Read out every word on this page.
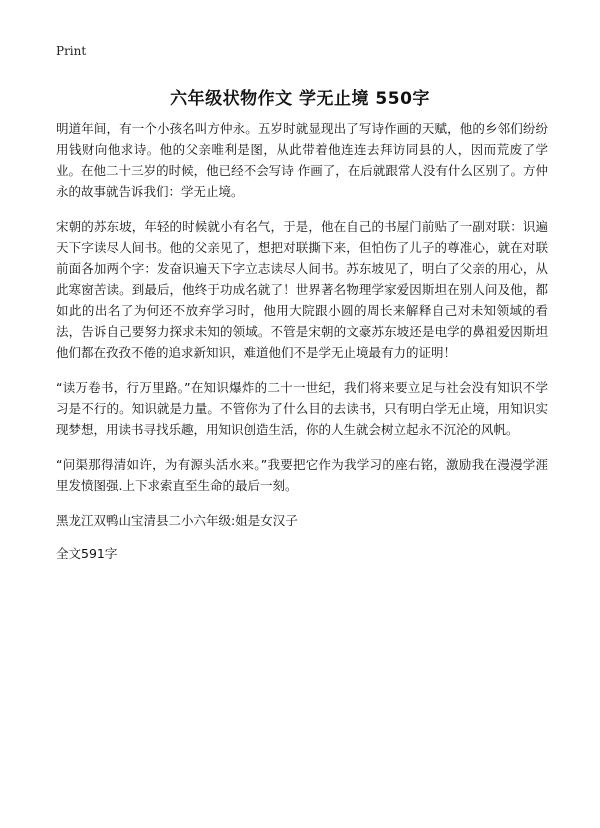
Print
六年级状物作文 学无止境 550字

明道年间，有一个小孩名叫方仲永。五岁时就显现出了写诗作画的天赋，他的乡邻们纷纷用钱财向他求诗。他的父亲唯利是图，从此带着他连连去拜访同县的人，因而荒废了学业。在他二十三岁的时候，他已经不会写诗 作画了，在后就跟常人没有什么区别了。方仲永的故事就告诉我们：学无止境。

宋朝的苏东坡，年轻的时候就小有名气，于是，他在自己的书屋门前贴了一副对联：识遍天下字读尽人间书。他的父亲见了，想把对联撕下来，但怕伤了儿子的尊准心，就在对联前面各加两个字：发奋识遍天下字立志读尽人间书。苏东坡见了，明白了父亲的用心，从此寒窗苦读。到最后，他终于功成名就了！世界著名物理学家爱因斯坦在别人问及他，都如此的出名了为何还不放弃学习时，他用大院跟小圆的周长来解释自己对未知领域的看法，告诉自己要努力探求未知的领域。不管是宋朝的文豪苏东坡还是电学的鼻祖爱因斯坦他们都在孜孜不倦的追求新知识，难道他们不是学无止境最有力的证明！

“读万卷书，行万里路。”在知识爆炸的二十一世纪，我们将来要立足与社会没有知识不学习是不行的。知识就是力量。不管你为了什么目的去读书，只有明白学无止境，用知识实现梦想，用读书寻找乐趣，用知识创造生活，你的人生就会树立起永不沉沦的风帆。

“问渠那得清如许，为有源头活水来。”我要把它作为我学习的座右铭，激励我在漫漫学涯里发愤图强.上下求索直至生命的最后一刻。

黑龙江双鸭山宝清县二小六年级:姐是女汉子

全文591字
